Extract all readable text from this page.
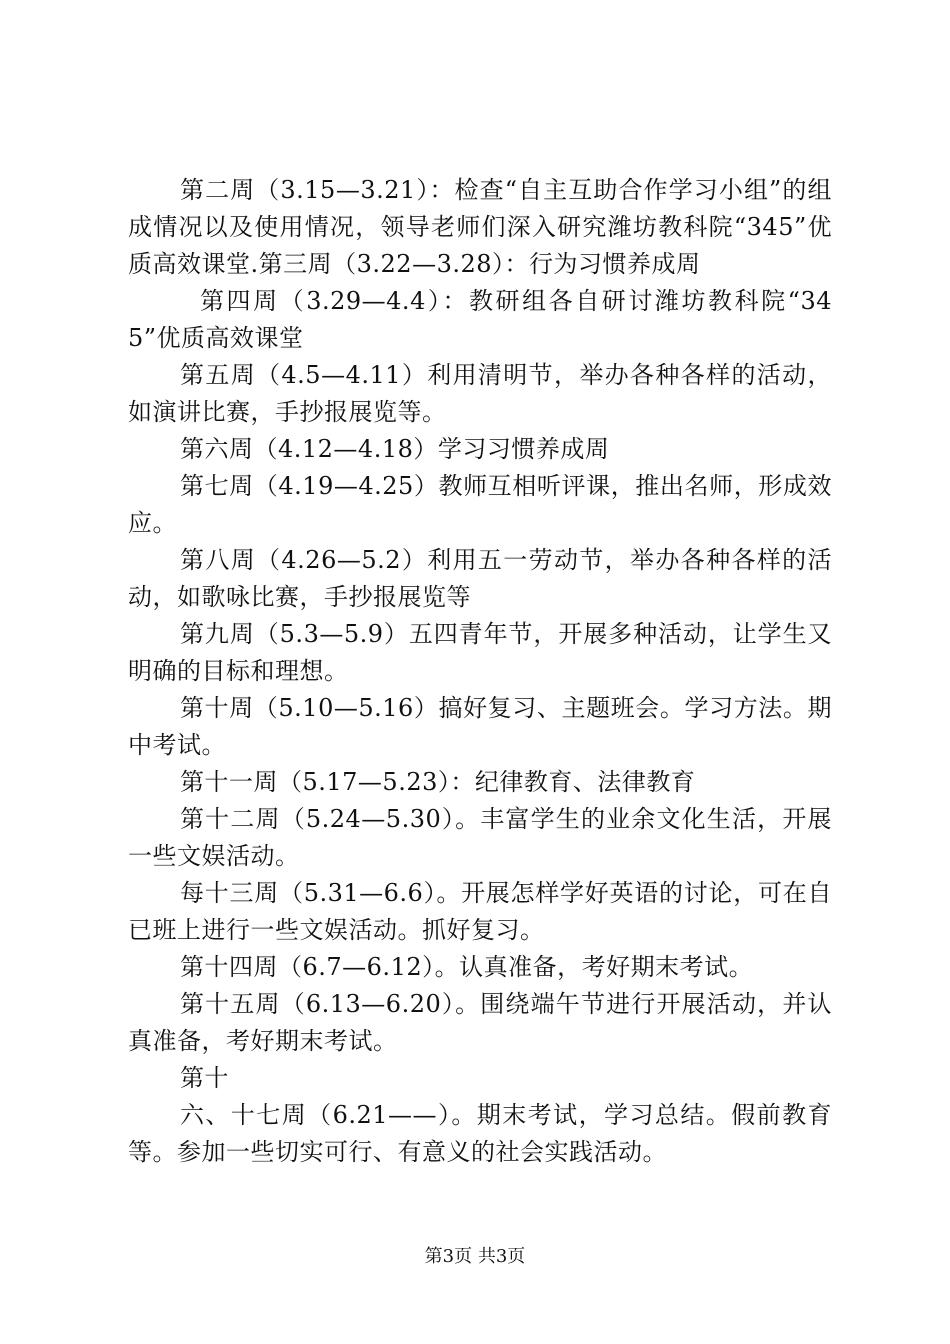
第二周（3.15—3.21）：检查“自主互助合作学习小组”的组成情况以及使用情况，领导老师们深入研究潍坊教科院“345”优质高效课堂.第三周（3.22—3.28）：行为习惯养成周

第四周（3.29—4.4）：教研组各自研讨潍坊教科院“345”优质高效课堂

第五周（4.5—4.11）利用清明节，举办各种各样的活动，如演讲比赛，手抄报展览等。

第六周（4.12—4.18）学习习惯养成周

第七周（4.19—4.25）教师互相听评课，推出名师，形成效应。

第八周（4.26—5.2）利用五一劳动节，举办各种各样的活动，如歌咏比赛，手抄报展览等

第九周（5.3—5.9）五四青年节，开展多种活动，让学生又明确的目标和理想。

第十周（5.10—5.16）搞好复习、主题班会。学习方法。期中考试。

第十一周（5.17—5.23）：纪律教育、法律教育

第十二周（5.24—5.30）。丰富学生的业余文化生活，开展一些文娱活动。

每十三周（5.31—6.6）。开展怎样学好英语的讨论，可在自已班上进行一些文娱活动。抓好复习。

第十四周（6.7—6.12）。认真准备，考好期末考试。

第十五周（6.13—6.20）。围绕端午节进行开展活动，并认真准备，考好期末考试。

第十

六、十七周（6.21——）。期末考试，学习总结。假前教育等。参加一些切实可行、有意义的社会实践活动。

第3页 共3页
